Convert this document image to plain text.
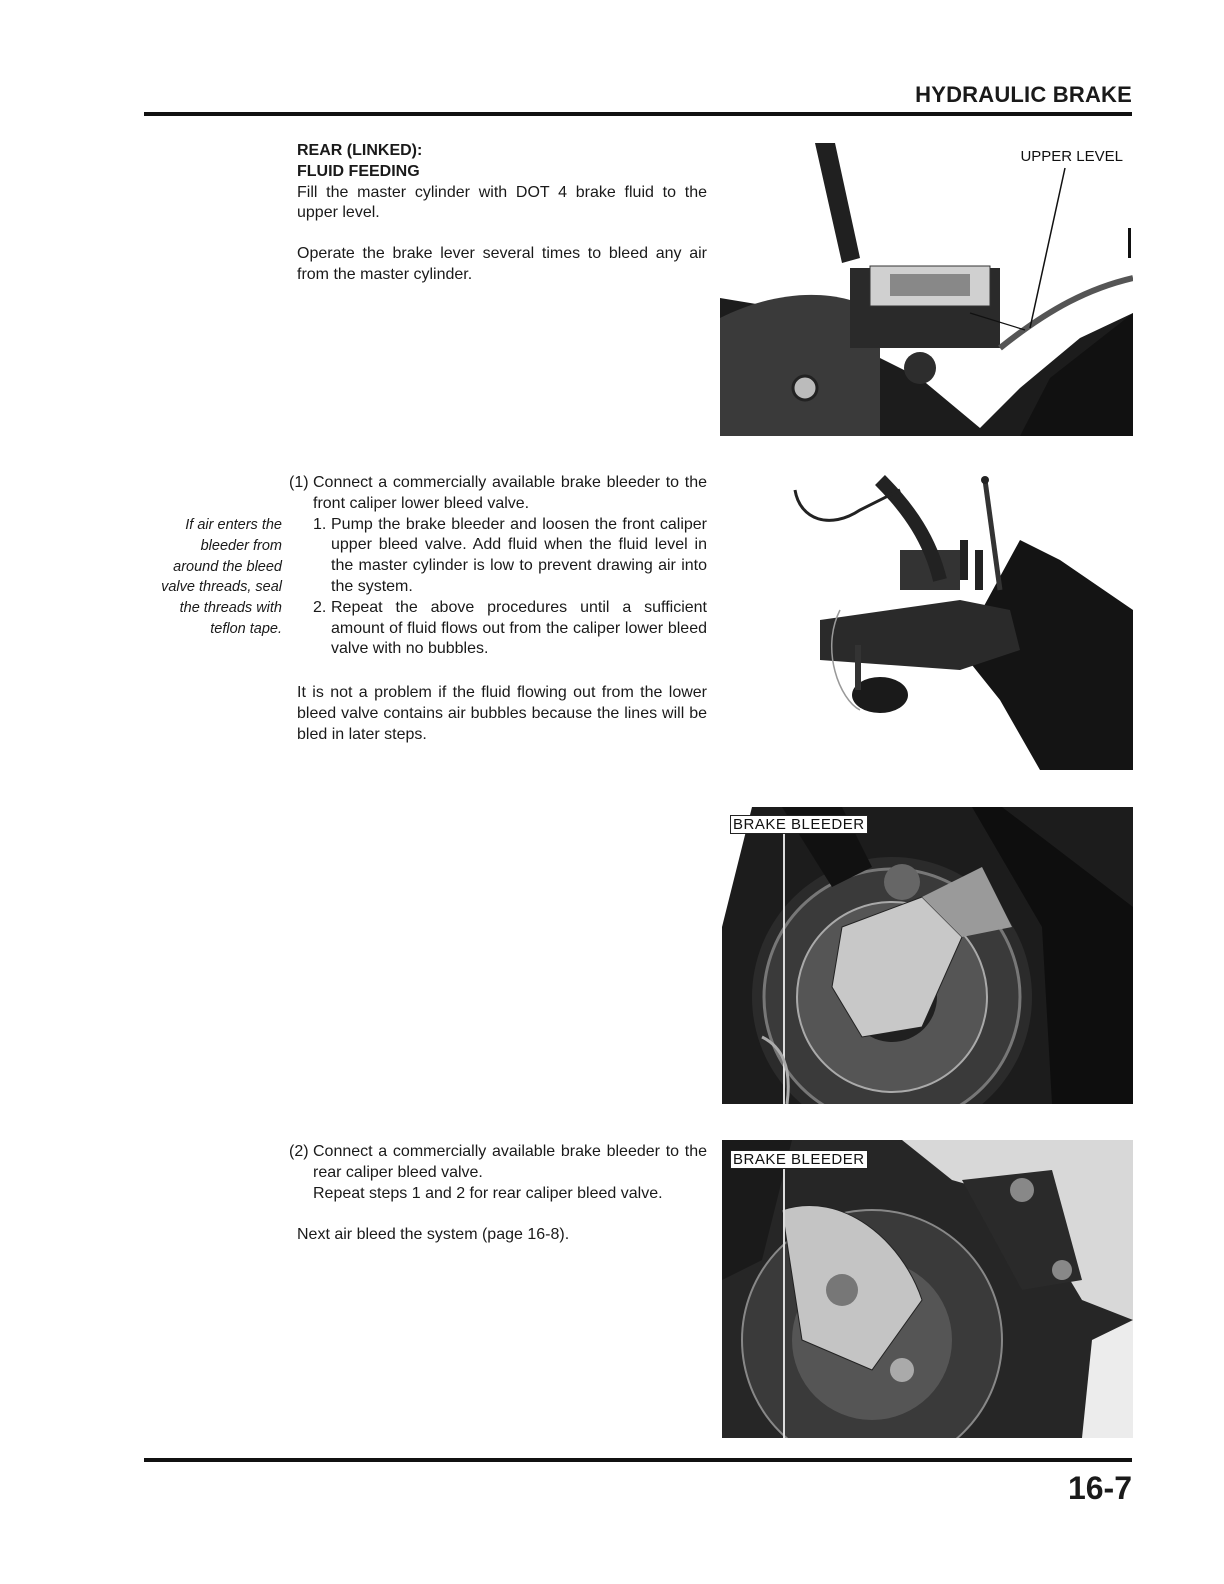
HYDRAULIC BRAKE

REAR (LINKED):

FLUID FEEDING

Fill the master cylinder with DOT 4 brake fluid to the upper level.

Operate the brake lever several times to bleed any air from the master cylinder.

If air enters the
bleeder from
around the bleed
valve threads, seal
the threads with
teflon tape.
(1) Connect a commercially available brake bleeder to the front caliper lower bleed valve.

1. Pump the brake bleeder and loosen the front caliper upper bleed valve. Add fluid when the fluid level in the master cylinder is low to prevent drawing air into the system.

2. Repeat the above procedures until a sufficient amount of fluid flows out from the caliper lower bleed valve with no bubbles.

It is not a problem if the fluid flowing out from the lower bleed valve contains air bubbles because the lines will be bled in later steps.
(2) Connect a commercially available brake bleeder to the rear caliper bleed valve.

Repeat steps 1 and 2 for rear caliper bleed valve.

Next air bleed the system (page 16-8).
UPPER LEVEL
BRAKE BLEEDER
BRAKE BLEEDER
16-7
